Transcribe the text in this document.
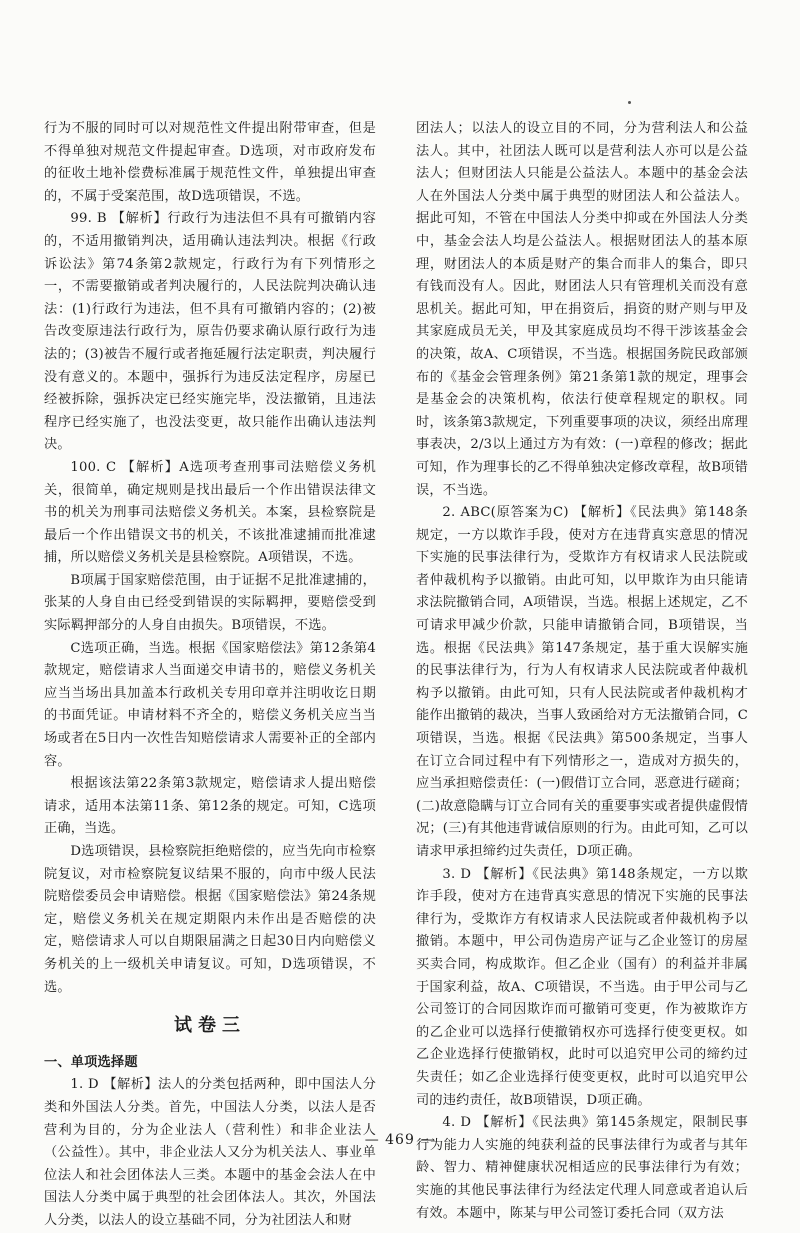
行为不服的同时可以对规范性文件提出附带审查，但是不得单独对规范文件提起审查。D选项，对市政府发布的征收土地补偿费标准属于规范性文件，单独提出审查的，不属于受案范围，故D选项错误，不选。

99. B 【解析】行政行为违法但不具有可撤销内容的，不适用撤销判决，适用确认违法判决。根据《行政诉讼法》第74条第2款规定，行政行为有下列情形之一，不需要撤销或者判决履行的，人民法院判决确认违法：(1)行政行为违法，但不具有可撤销内容的；(2)被告改变原违法行政行为，原告仍要求确认原行政行为违法的；(3)被告不履行或者拖延履行法定职责，判决履行没有意义的。本题中，强拆行为违反法定程序，房屋已经被拆除，强拆决定已经实施完毕，没法撤销，且违法程序已经实施了，也没法变更，故只能作出确认违法判决。

100. C 【解析】A选项考查刑事司法赔偿义务机关，很简单，确定规则是找出最后一个作出错误法律文书的机关为刑事司法赔偿义务机关。本案，县检察院是最后一个作出错误文书的机关，不该批准逮捕而批准逮捕，所以赔偿义务机关是县检察院。A项错误，不选。

B项属于国家赔偿范围，由于证据不足批准逮捕的，张某的人身自由已经受到错误的实际羁押，要赔偿受到实际羁押部分的人身自由损失。B项错误，不选。

C选项正确，当选。根据《国家赔偿法》第12条第4款规定，赔偿请求人当面递交申请书的，赔偿义务机关应当当场出具加盖本行政机关专用印章并注明收讫日期的书面凭证。申请材料不齐全的，赔偿义务机关应当当场或者在5日内一次性告知赔偿请求人需要补正的全部内容。

根据该法第22条第3款规定，赔偿请求人提出赔偿请求，适用本法第11条、第12条的规定。可知，C选项正确，当选。

D选项错误，县检察院拒绝赔偿的，应当先向市检察院复议，对市检察院复议结果不服的，向市中级人民法院赔偿委员会申请赔偿。根据《国家赔偿法》第24条规定，赔偿义务机关在规定期限内未作出是否赔偿的决定，赔偿请求人可以自期限届满之日起30日内向赔偿义务机关的上一级机关申请复议。可知，D选项错误，不选。

试卷三

一、单项选择题

1. D 【解析】法人的分类包括两种，即中国法人分类和外国法人分类。首先，中国法人分类，以法人是否营利为目的，分为企业法人（营利性）和非企业法人（公益性）。其中，非企业法人又分为机关法人、事业单位法人和社会团体法人三类。本题中的基金会法人在中国法人分类中属于典型的社会团体法人。其次，外国法人分类，以法人的设立基础不同，分为社团法人和财

团法人；以法人的设立目的不同，分为营利法人和公益法人。其中，社团法人既可以是营利法人亦可以是公益法人；但财团法人只能是公益法人。本题中的基金会法人在外国法人分类中属于典型的财团法人和公益法人。据此可知，不管在中国法人分类中抑或在外国法人分类中，基金会法人均是公益法人。根据财团法人的基本原理，财团法人的本质是财产的集合而非人的集合，即只有钱而没有人。因此，财团法人只有管理机关而没有意思机关。据此可知，甲在捐资后，捐资的财产则与甲及其家庭成员无关，甲及其家庭成员均不得干涉该基金会的决策，故A、C项错误，不当选。根据国务院民政部颁布的《基金会管理条例》第21条第1款的规定，理事会是基金会的决策机构，依法行使章程规定的职权。同时，该条第3款规定，下列重要事项的决议，须经出席理事表决，2/3以上通过方为有效：(一)章程的修改；据此可知，作为理事长的乙不得单独决定修改章程，故B项错误，不当选。

2. ABC(原答案为C) 【解析】《民法典》第148条规定，一方以欺诈手段，使对方在违背真实意思的情况下实施的民事法律行为，受欺诈方有权请求人民法院或者仲裁机构予以撤销。由此可知，以甲欺诈为由只能请求法院撤销合同，A项错误，当选。根据上述规定，乙不可请求甲减少价款，只能申请撤销合同，B项错误，当选。根据《民法典》第147条规定，基于重大误解实施的民事法律行为，行为人有权请求人民法院或者仲裁机构予以撤销。由此可知，只有人民法院或者仲裁机构才能作出撤销的裁决，当事人致函给对方无法撤销合同，C项错误，当选。根据《民法典》第500条规定，当事人在订立合同过程中有下列情形之一，造成对方损失的，应当承担赔偿责任：(一)假借订立合同，恶意进行磋商；(二)故意隐瞒与订立合同有关的重要事实或者提供虚假情况；(三)有其他违背诚信原则的行为。由此可知，乙可以请求甲承担缔约过失责任，D项正确。

3. D 【解析】《民法典》第148条规定，一方以欺诈手段，使对方在违背真实意思的情况下实施的民事法律行为，受欺诈方有权请求人民法院或者仲裁机构予以撤销。本题中，甲公司伪造房产证与乙企业签订的房屋买卖合同，构成欺诈。但乙企业（国有）的利益并非属于国家利益，故A、C项错误，不当选。由于甲公司与乙公司签订的合同因欺诈而可撤销可变更，作为被欺诈方的乙企业可以选择行使撤销权亦可选择行使变更权。如乙企业选择行使撤销权，此时可以追究甲公司的缔约过失责任；如乙企业选择行使变更权，此时可以追究甲公司的违约责任，故B项错误，D项正确。

4. D 【解析】《民法典》第145条规定，限制民事行为能力人实施的纯获利益的民事法律行为或者与其年龄、智力、精神健康状况相适应的民事法律行为有效；实施的其他民事法律行为经法定代理人同意或者追认后有效。本题中，陈某与甲公司签订委托合同（双方法

— 469 —
